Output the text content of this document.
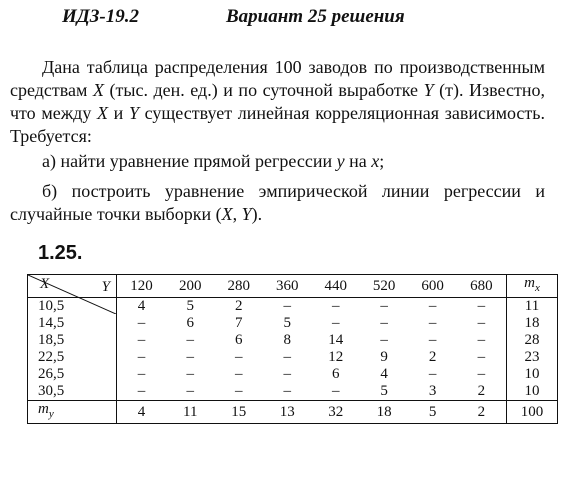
ИДЗ-19.2	Вариант 25 решения

Дана таблица распределения 100 заводов по производственным средствам X (тыс. ден. ед.) и по суточной выработке Y (т). Известно, что между X и Y существует линейная корреляционная зависимость. Требуется:

а) найти уравнение прямой регрессии y на x;

б) построить уравнение эмпирической линии регрессии и случайные точки выборки (X, Y).

1.25.
Y
X	120	200	280	360	440	520	600	680	$m_x$
10,5	4	5	2	–	–	–	–	–	11
14,5	–	6	7	5	–	–	–	–	18
18,5	–	–	6	8	14	–	–	–	28
22,5	–	–	–	–	12	9	2	–	23
26,5	–	–	–	–	6	4	–	–	10
30,5	–	–	–	–	–	5	3	2	10
$m_y$	4	11	15	13	32	18	5	2	100
